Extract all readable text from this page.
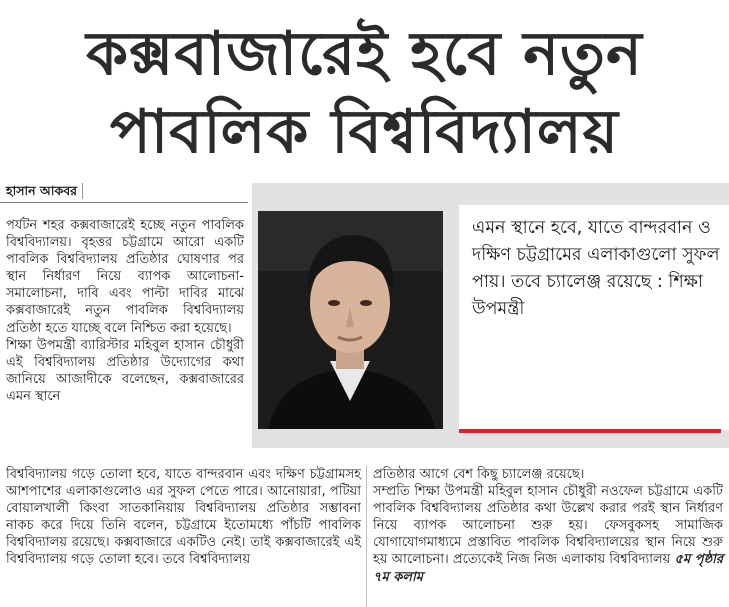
কক্সবাজারেই হবে নতুন
পাবলিক বিশ্ববিদ্যালয়
হাসান আকবর
এমন স্থানে হবে, যাতে বান্দরবান ও দক্ষিণ চট্টগ্রামের এলাকাগুলো সুফল পায়। তবে চ্যালেঞ্জ রয়েছে : শিক্ষা উপমন্ত্রী

পর্যটন শহর কক্সবাজারেই হচ্ছে নতুন পাবলিক বিশ্ববিদ্যালয়। বৃহত্তর চট্টগ্রামে আরো একটি পাবলিক বিশ্ববিদ্যালয় প্রতিষ্ঠার ঘোষণার পর স্থান নির্ধারণ নিয়ে ব্যাপক আলোচনা-সমালোচনা, দাবি এবং পাল্টা দাবির মাঝে কক্সবাজারেই নতুন পাবলিক বিশ্ববিদ্যালয় প্রতিষ্ঠা হতে যাচ্ছে বলে নিশ্চিত করা হয়েছে।

শিক্ষা উপমন্ত্রী ব্যারিস্টার মহিবুল হাসান চৌধুরী এই বিশ্ববিদ্যালয় প্রতিষ্ঠার উদ্যোগের কথা জানিয়ে আজাদীকে বলেছেন, কক্সবাজারের এমন স্থানে

বিশ্ববিদ্যালয় গড়ে তোলা হবে, যাতে বান্দরবান এবং দক্ষিণ চট্টগ্রামসহ আশপাশের এলাকাগুলোও এর সুফল পেতে পারে। আনোয়ারা, পটিয়া বোয়ালখালী কিংবা সাতকানিয়ায় বিশ্ববিদ্যালয় প্রতিষ্ঠার সম্ভাবনা নাকচ করে দিয়ে তিনি বলেন, চট্টগ্রামে ইতোমধ্যে পাঁচটি পাবলিক বিশ্ববিদ্যালয় রয়েছে। কক্সবাজারে একটিও নেই। তাই কক্সবাজারেই এই বিশ্ববিদ্যালয় গড়ে তোলা হবে। তবে বিশ্ববিদ্যালয়

প্রতিষ্ঠার আগে বেশ কিছু চ্যালেঞ্জ রয়েছে।

সম্প্রতি শিক্ষা উপমন্ত্রী মহিবুল হাসান চৌধুরী নওফেল চট্টগ্রামে একটি পাবলিক বিশ্ববিদ্যালয় প্রতিষ্ঠার কথা উল্লেখ করার পরই স্থান নির্ধারণ নিয়ে ব্যাপক আলোচনা শুরু হয়। ফেসবুকসহ সামাজিক যোগাযোগমাধ্যমে প্রস্তাবিত পাবলিক বিশ্ববিদ্যালয়ের স্থান নিয়ে শুরু হয় আলোচনা। প্রত্যেকেই নিজ নিজ এলাকায় বিশ্ববিদ্যালয় ৫ম পৃষ্ঠার ৭ম কলাম
